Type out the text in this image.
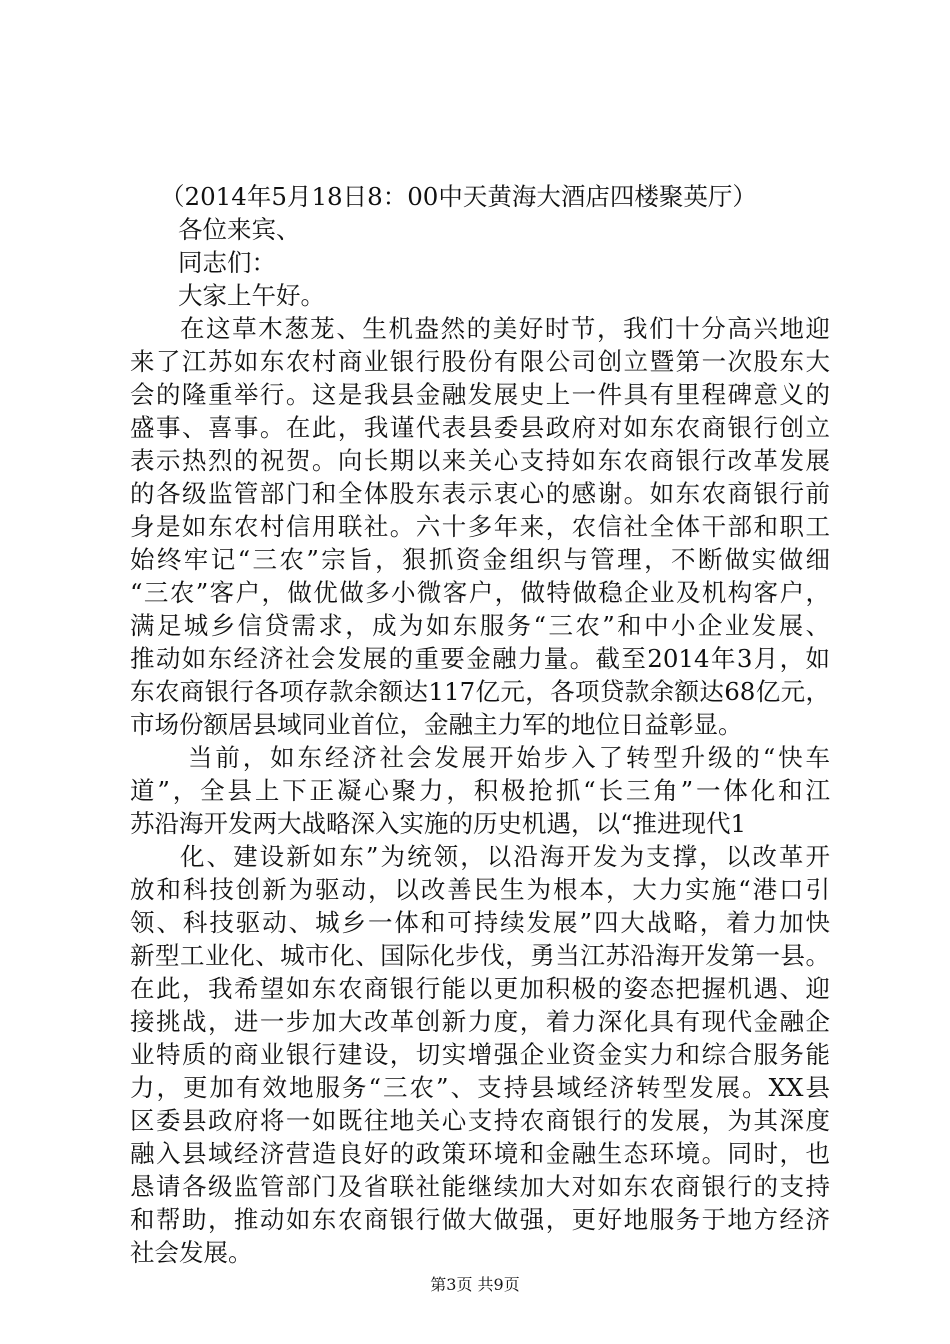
（2014年5月18日8：00中天黄海大酒店四楼聚英厅）
各位来宾、
同志们：
大家上午好。
在这草木葱茏、生机盎然的美好时节，我们十分高兴地迎
来了江苏如东农村商业银行股份有限公司创立暨第一次股东大
会的隆重举行。这是我县金融发展史上一件具有里程碑意义的
盛事、喜事。在此，我谨代表县委县政府对如东农商银行创立
表示热烈的祝贺。向长期以来关心支持如东农商银行改革发展
的各级监管部门和全体股东表示衷心的感谢。如东农商银行前
身是如东农村信用联社。六十多年来，农信社全体干部和职工
始终牢记“三农”宗旨，狠抓资金组织与管理，不断做实做细
“三农”客户，做优做多小微客户，做特做稳企业及机构客户，
满足城乡信贷需求，成为如东服务“三农”和中小企业发展、
推动如东经济社会发展的重要金融力量。截至2014年3月，如
东农商银行各项存款余额达117亿元，各项贷款余额达68亿元，
市场份额居县域同业首位，金融主力军的地位日益彰显。
当前，如东经济社会发展开始步入了转型升级的“快车
道”，全县上下正凝心聚力，积极抢抓“长三角”一体化和江
苏沿海开发两大战略深入实施的历史机遇，以“推进现代1
化、建设新如东”为统领，以沿海开发为支撑，以改革开
放和科技创新为驱动，以改善民生为根本，大力实施“港口引
领、科技驱动、城乡一体和可持续发展”四大战略，着力加快
新型工业化、城市化、国际化步伐，勇当江苏沿海开发第一县。
在此，我希望如东农商银行能以更加积极的姿态把握机遇、迎
接挑战，进一步加大改革创新力度，着力深化具有现代金融企
业特质的商业银行建设，切实增强企业资金实力和综合服务能
力，更加有效地服务“三农”、支持县域经济转型发展。XX县
区委县政府将一如既往地关心支持农商银行的发展，为其深度
融入县域经济营造良好的政策环境和金融生态环境。同时，也
恳请各级监管部门及省联社能继续加大对如东农商银行的支持
和帮助，推动如东农商银行做大做强，更好地服务于地方经济
社会发展。
第3页 共9页
